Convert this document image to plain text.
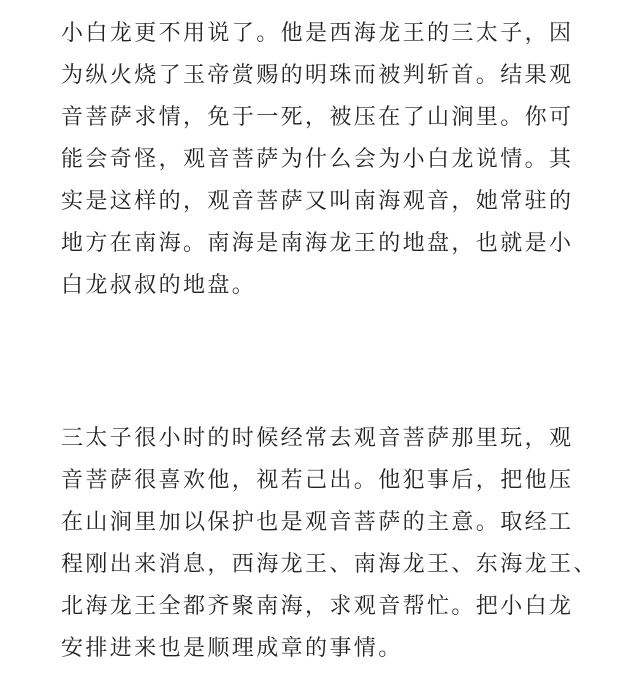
小白龙更不用说了。他是西海龙王的三太子，因
为纵火烧了玉帝赏赐的明珠而被判斩首。结果观
音菩萨求情，免于一死，被压在了山涧里。你可
能会奇怪，观音菩萨为什么会为小白龙说情。其
实是这样的，观音菩萨又叫南海观音，她常驻的
地方在南海。南海是南海龙王的地盘，也就是小
白龙叔叔的地盘。

三太子很小时的时候经常去观音菩萨那里玩，观
音菩萨很喜欢他，视若己出。他犯事后，把他压
在山涧里加以保护也是观音菩萨的主意。取经工
程刚出来消息，西海龙王、南海龙王、东海龙王、
北海龙王全都齐聚南海，求观音帮忙。把小白龙
安排进来也是顺理成章的事情。
